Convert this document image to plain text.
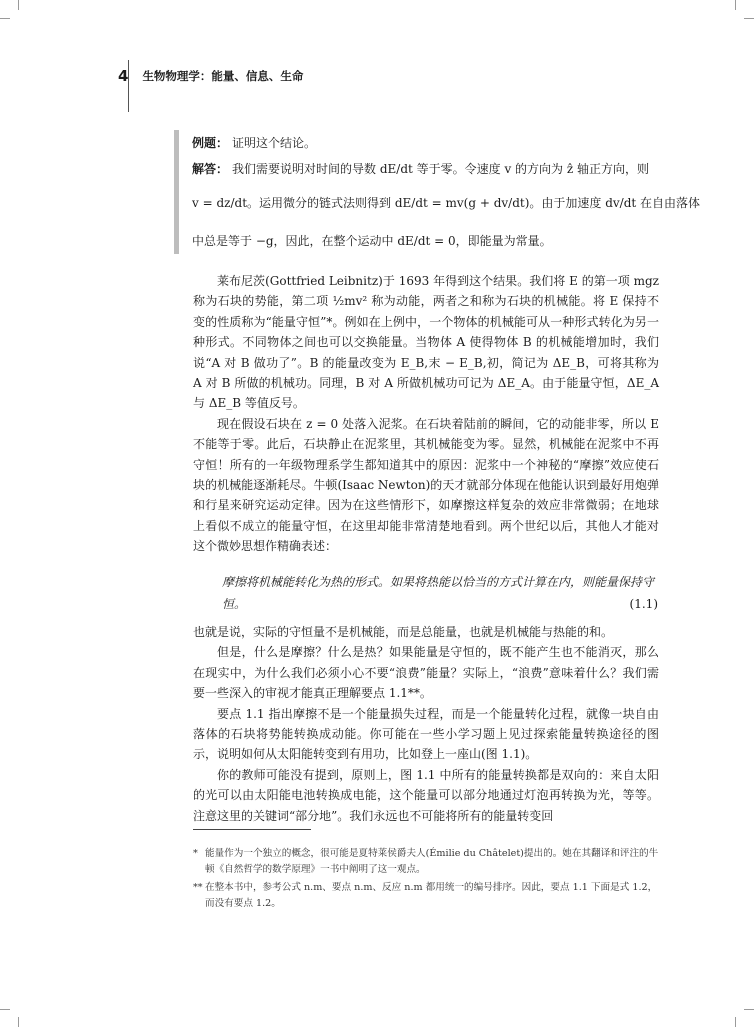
4 生物物理学：能量、信息、生命
例题： 证明这个结论。
解答： 我们需要说明对时间的导数 dE/dt 等于零。令速度 v 的方向为 ẑ 轴正方向，则
v = dz/dt。运用微分的链式法则得到 dE/dt = mv(g + dv/dt)。由于加速度 dv/dt 在自由落体
中总是等于 −g，因此，在整个运动中 dE/dt = 0，即能量为常量。

莱布尼茨(Gottfried Leibnitz)于 1693 年得到这个结果。我们将 E 的第一项 mgz 称为石块的势能，第二项 ½mv² 称为动能，两者之和称为石块的机械能。将 E 保持不变的性质称为“能量守恒”*。例如在上例中，一个物体的机械能可从一种形式转化为另一种形式。不同物体之间也可以交换能量。当物体 A 使得物体 B 的机械能增加时，我们说“A 对 B 做功了”。B 的能量改变为 E_B,末 − E_B,初，简记为 ΔE_B，可将其称为 A 对 B 所做的机械功。同理，B 对 A 所做机械功可记为 ΔE_A。由于能量守恒，ΔE_A 与 ΔE_B 等值反号。

现在假设石块在 z = 0 处落入泥浆。在石块着陆前的瞬间，它的动能非零，所以 E 不能等于零。此后，石块静止在泥浆里，其机械能变为零。显然，机械能在泥浆中不再守恒！所有的一年级物理系学生都知道其中的原因：泥浆中一个神秘的“摩擦”效应使石块的机械能逐渐耗尽。牛顿(Isaac Newton)的天才就部分体现在他能认识到最好用炮弹和行星来研究运动定律。因为在这些情形下，如摩擦这样复杂的效应非常微弱；在地球上看似不成立的能量守恒，在这里却能非常清楚地看到。两个世纪以后，其他人才能对这个微妙思想作精确表述：

摩擦将机械能转化为热的形式。如果将热能以恰当的方式计算在内，则能量保持守恒。	(1.1)

也就是说，实际的守恒量不是机械能，而是总能量，也就是机械能与热能的和。

但是，什么是摩擦？什么是热？如果能量是守恒的，既不能产生也不能消灭，那么在现实中，为什么我们必须小心不要“浪费”能量？实际上，“浪费”意味着什么？我们需要一些深入的审视才能真正理解要点 1.1**。

要点 1.1 指出摩擦不是一个能量损失过程，而是一个能量转化过程，就像一块自由落体的石块将势能转换成动能。你可能在一些小学习题上见过探索能量转换途径的图示，说明如何从太阳能转变到有用功，比如登上一座山(图 1.1)。

你的教师可能没有提到，原则上，图 1.1 中所有的能量转换都是双向的：来自太阳的光可以由太阳能电池转换成电能，这个能量可以部分地通过灯泡再转换为光，等等。注意这里的关键词“部分地”。我们永远也不可能将所有的能量转变回

* 能量作为一个独立的概念，很可能是夏特莱侯爵夫人(Émilie du Châtelet)提出的。她在其翻译和评注的牛顿《自然哲学的数学原理》一书中阐明了这一观点。
** 在整本书中，参考公式 n.m、要点 n.m、反应 n.m 都用统一的编号排序。因此，要点 1.1 下面是式 1.2，而没有要点 1.2。
